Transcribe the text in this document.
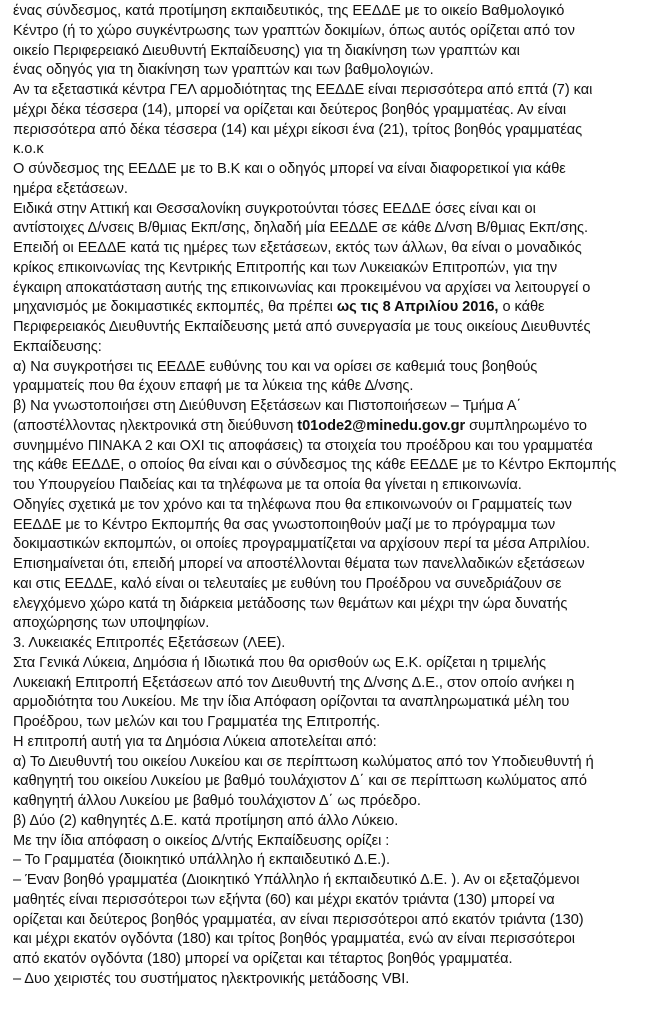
ένας σύνδεσμος, κατά προτίμηση εκπαιδευτικός, της ΕΕΔΔΕ με το οικείο Βαθμολογικό
Κέντρο (ή το χώρο συγκέντρωσης των γραπτών δοκιμίων, όπως αυτός ορίζεται από τον
οικείο Περιφερειακό Διευθυντή Εκπαίδευσης) για τη διακίνηση των γραπτών και
ένας οδηγός για τη διακίνηση των γραπτών και των βαθμολογιών.
Αν τα εξεταστικά κέντρα ΓΕΛ αρμοδιότητας της ΕΕΔΔΕ είναι περισσότερα από επτά (7) και
μέχρι δέκα τέσσερα (14), μπορεί να ορίζεται και δεύτερος βοηθός γραμματέας. Αν είναι
περισσότερα από δέκα τέσσερα (14) και μέχρι είκοσι ένα (21), τρίτος βοηθός γραμματέας
κ.ο.κ
Ο σύνδεσμος της ΕΕΔΔΕ με το Β.Κ και ο οδηγός μπορεί να είναι διαφορετικοί για κάθε
ημέρα εξετάσεων.
Ειδικά στην Αττική και Θεσσαλονίκη συγκροτούνται τόσες ΕΕΔΔΕ όσες είναι και οι
αντίστοιχες Δ/νσεις Β/θμιας Εκπ/σης, δηλαδή μία ΕΕΔΔΕ σε κάθε Δ/νση Β/θμιας Εκπ/σης.
Επειδή οι ΕΕΔΔΕ κατά τις ημέρες των εξετάσεων, εκτός των άλλων, θα είναι ο μοναδικός
κρίκος επικοινωνίας της Κεντρικής Επιτροπής και των Λυκειακών Επιτροπών, για την
έγκαιρη αποκατάσταση αυτής της επικοινωνίας και προκειμένου να αρχίσει να λειτουργεί ο
μηχανισμός με δοκιμαστικές εκπομπές, θα πρέπει ως τις 8 Απριλίου 2016, ο κάθε
Περιφερειακός Διευθυντής Εκπαίδευσης μετά από συνεργασία με τους οικείους Διευθυντές
Εκπαίδευσης:
α) Να συγκροτήσει τις ΕΕΔΔΕ ευθύνης του και να ορίσει σε καθεμιά τους βοηθούς
γραμματείς που θα έχουν επαφή με τα λύκεια της κάθε Δ/νσης.
β) Να γνωστοποιήσει στη Διεύθυνση Εξετάσεων και Πιστοποιήσεων – Τμήμα Α΄
(αποστέλλοντας ηλεκτρονικά στη διεύθυνση t01ode2@minedu.gov.gr συμπληρωμένο το
συνημμένο ΠΙΝΑΚΑ 2 και ΟΧΙ τις αποφάσεις) τα στοιχεία του προέδρου και του γραμματέα
της κάθε ΕΕΔΔΕ, ο οποίος θα είναι και ο σύνδεσμος της κάθε ΕΕΔΔΕ με το Κέντρο Εκπομπής
του Υπουργείου Παιδείας και τα τηλέφωνα με τα οποία θα γίνεται η επικοινωνία.
Οδηγίες σχετικά με τον χρόνο και τα τηλέφωνα που θα επικοινωνούν οι Γραμματείς των
ΕΕΔΔΕ με το Κέντρο Εκπομπής θα σας γνωστοποιηθούν μαζί με το πρόγραμμα των
δοκιμαστικών εκπομπών, οι οποίες προγραμματίζεται να αρχίσουν περί τα μέσα Απριλίου.
Επισημαίνεται ότι, επειδή μπορεί να αποστέλλονται θέματα των πανελλαδικών εξετάσεων
και στις ΕΕΔΔΕ, καλό είναι οι τελευταίες με ευθύνη του Προέδρου να συνεδριάζουν σε
ελεγχόμενο χώρο κατά τη διάρκεια μετάδοσης των θεμάτων και μέχρι την ώρα δυνατής
αποχώρησης των υποψηφίων.
3. Λυκειακές Επιτροπές Εξετάσεων (ΛΕΕ).
Στα Γενικά Λύκεια, Δημόσια ή Ιδιωτικά που θα ορισθούν ως Ε.Κ. ορίζεται η τριμελής
Λυκειακή Επιτροπή Εξετάσεων από τον Διευθυντή της Δ/νσης Δ.Ε., στον οποίο ανήκει η
αρμοδιότητα του Λυκείου. Με την ίδια Απόφαση ορίζονται τα αναπληρωματικά μέλη του
Προέδρου, των μελών και του Γραμματέα της Επιτροπής.
Η επιτροπή αυτή για τα Δημόσια Λύκεια αποτελείται από:
α) Το Διευθυντή του οικείου Λυκείου και σε περίπτωση κωλύματος από τον Υποδιευθυντή ή
καθηγητή του οικείου Λυκείου με βαθμό τουλάχιστον Δ΄ και σε περίπτωση κωλύματος από
καθηγητή άλλου Λυκείου με βαθμό τουλάχιστον Δ΄ ως πρόεδρο.
β) Δύο (2) καθηγητές Δ.Ε. κατά προτίμηση από άλλο Λύκειο.
Με την ίδια απόφαση ο οικείος Δ/ντής Εκπαίδευσης ορίζει :
– Το Γραμματέα (διοικητικό υπάλληλο ή εκπαιδευτικό Δ.Ε.).
– Έναν βοηθό γραμματέα (Διοικητικό Υπάλληλο ή εκπαιδευτικό Δ.Ε. ). Αν οι εξεταζόμενοι
μαθητές είναι περισσότεροι των εξήντα (60) και μέχρι εκατόν τριάντα (130) μπορεί να
ορίζεται και δεύτερος βοηθός γραμματέα, αν είναι περισσότεροι από εκατόν τριάντα (130)
και μέχρι εκατόν ογδόντα (180) και τρίτος βοηθός γραμματέα, ενώ αν είναι περισσότεροι
από εκατόν ογδόντα (180) μπορεί να ορίζεται και τέταρτος βοηθός γραμματέα.
– Δυο χειριστές του συστήματος ηλεκτρονικής μετάδοσης VBI.
